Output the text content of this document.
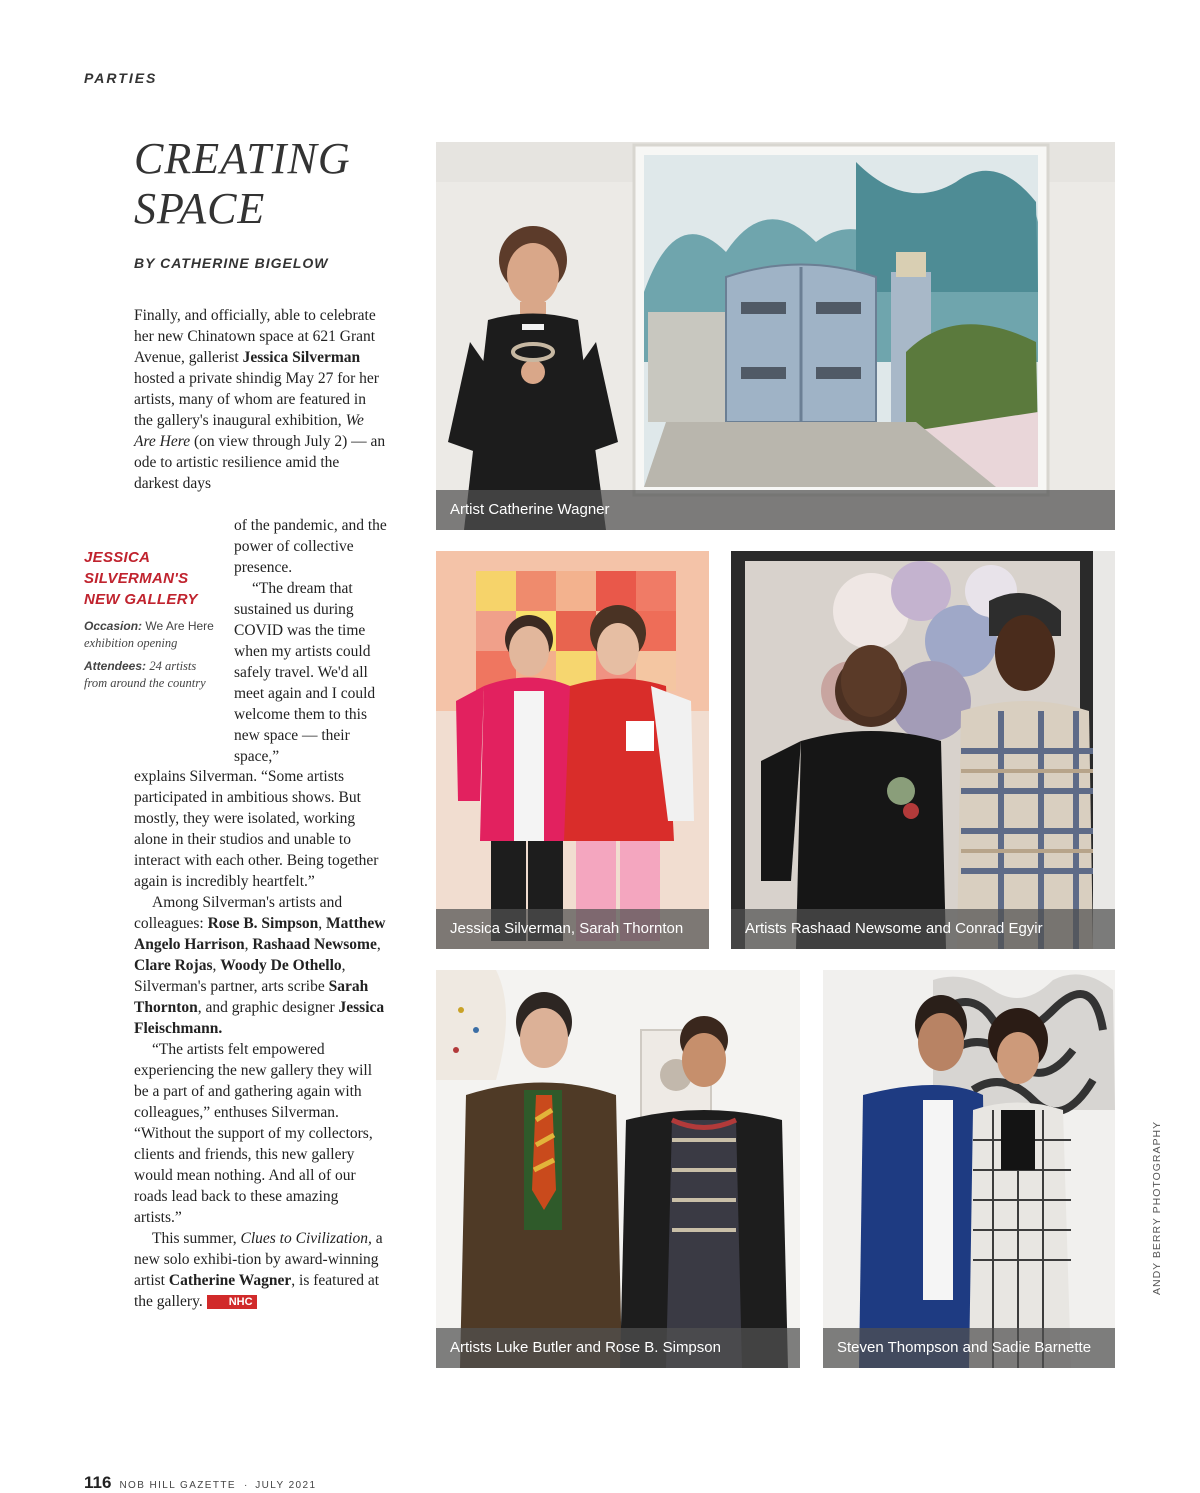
PARTIES
CREATING SPACE
BY CATHERINE BIGELOW

Finally, and officially, able to celebrate her new Chinatown space at 621 Grant Avenue, gallerist Jessica Silverman hosted a private shindig May 27 for her artists, many of whom are featured in the gallery's inaugural exhibition, We Are Here (on view through July 2) — an ode to artistic resilience amid the darkest days

of the pandemic, and the power of collective presence.

“The dream that sustained us during COVID was the time when my artists could safely travel. We'd all meet again and I could welcome them to this new space — their space,”

JESSICA SILVERMAN'S NEW GALLERY
Occasion: We Are Here exhibition opening
Attendees: 24 artists from around the country

explains Silverman. “Some artists participated in ambitious shows. But mostly, they were isolated, working alone in their studios and unable to interact with each other. Being together again is incredibly heartfelt.”

Among Silverman's artists and colleagues: Rose B. Simpson, Matthew Angelo Harrison, Rashaad Newsome, Clare Rojas, Woody De Othello, Silverman's partner, arts scribe Sarah Thornton, and graphic designer Jessica Fleischmann.

“The artists felt empowered experiencing the new gallery they will be a part of and gathering again with colleagues,” enthuses Silverman. “Without the support of my collectors, clients and friends, this new gallery would mean nothing. And all of our roads lead back to these amazing artists.”

This summer, Clues to Civilization, a new solo exhibi-tion by award-winning artist Catherine Wagner, is featured at the gallery. NHC

Artist Catherine Wagner
Jessica Silverman, Sarah Thornton	Artists Rashaad Newsome and Conrad Egyir
Artists Luke Butler and Rose B. Simpson	Steven Thompson and Sadie Barnette
ANDY BERRY PHOTOGRAPHY
116 NOB HILL GAZETTE · JULY 2021
